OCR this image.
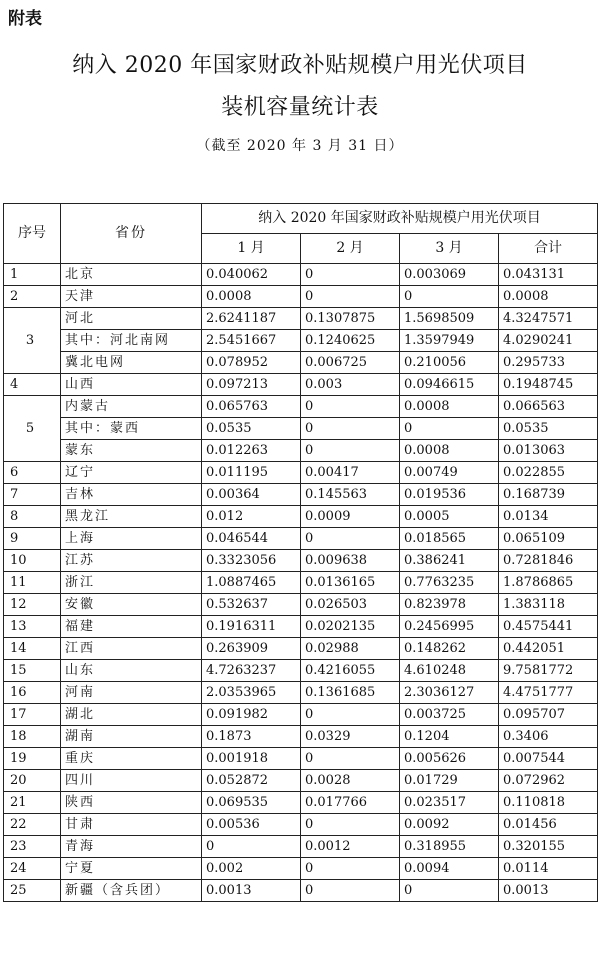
附表
纳入 2020 年国家财政补贴规模户用光伏项目
装机容量统计表
（截至 2020 年 3 月 31 日）
序号	省份	纳入 2020 年国家财政补贴规模户用光伏项目			
		1 月	2 月	3 月	合计
1	北京	0.040062	0	0.003069	0.043131
2	天津	0.0008	0	0	0.0008
3	河北	2.6241187	0.1307875	1.5698509	4.3247571
	其中：河北南网	2.5451667	0.1240625	1.3597949	4.0290241
	冀北电网	0.078952	0.006725	0.210056	0.295733
4	山西	0.097213	0.003	0.0946615	0.1948745
5	内蒙古	0.065763	0	0.0008	0.066563
	其中：蒙西	0.0535	0	0	0.0535
	蒙东	0.012263	0	0.0008	0.013063
6	辽宁	0.011195	0.00417	0.00749	0.022855
7	吉林	0.00364	0.145563	0.019536	0.168739
8	黑龙江	0.012	0.0009	0.0005	0.0134
9	上海	0.046544	0	0.018565	0.065109
10	江苏	0.3323056	0.009638	0.386241	0.7281846
11	浙江	1.0887465	0.0136165	0.7763235	1.8786865
12	安徽	0.532637	0.026503	0.823978	1.383118
13	福建	0.1916311	0.0202135	0.2456995	0.4575441
14	江西	0.263909	0.02988	0.148262	0.442051
15	山东	4.7263237	0.4216055	4.610248	9.7581772
16	河南	2.0353965	0.1361685	2.3036127	4.4751777
17	湖北	0.091982	0	0.003725	0.095707
18	湖南	0.1873	0.0329	0.1204	0.3406
19	重庆	0.001918	0	0.005626	0.007544
20	四川	0.052872	0.0028	0.01729	0.072962
21	陕西	0.069535	0.017766	0.023517	0.110818
22	甘肃	0.00536	0	0.0092	0.01456
23	青海	0	0.0012	0.318955	0.320155
24	宁夏	0.002	0	0.0094	0.0114
25	新疆（含兵团）	0.0013	0	0	0.0013
